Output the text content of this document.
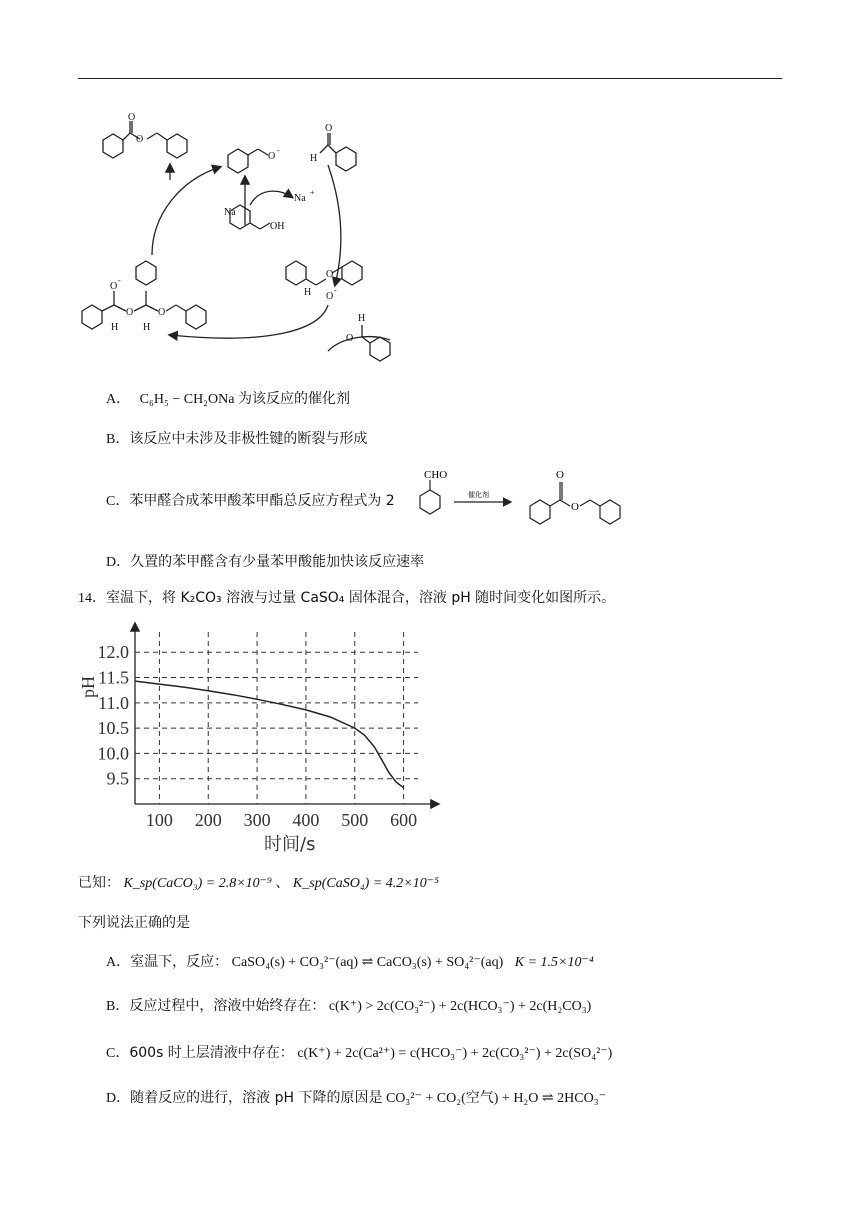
O
O
O
-
H
O
Na
Na
+
OH
H
O
O
-
H
O
O
-
H
O
H
O
A． C₆H₅ − CH₂ONa 为该反应的催化剂
B．该反应中未涉及非极性键的断裂与形成
C．苯甲醛合成苯甲酸苯甲酯总反应方程式为 2
CHO
催化剂
O
O
D．久置的苯甲醛含有少量苯甲酸能加快该反应速率
14．室温下，将 K₂CO₃ 溶液与过量 CaSO₄ 固体混合，溶液 pH 随时间变化如图所示。
12.0
11.5
11.0
10.5
10.0
9.5
100 200 300 400 500 600
pH
时间/s
已知： K_sp(CaCO₃) = 2.8×10⁻⁹ 、 K_sp(CaSO₄) = 4.2×10⁻⁵
下列说法正确的是
A．室温下，反应： CaSO₄(s) + CO₃²⁻(aq) ⇌ CaCO₃(s) + SO₄²⁻(aq) K = 1.5×10⁻⁴
B．反应过程中，溶液中始终存在： c(K⁺) > 2c(CO₃²⁻) + 2c(HCO₃⁻) + 2c(H₂CO₃)
C．600s 时上层清液中存在： c(K⁺) + 2c(Ca²⁺) = c(HCO₃⁻) + 2c(CO₃²⁻) + 2c(SO₄²⁻)
D．随着反应的进行，溶液 pH 下降的原因是 CO₃²⁻ + CO₂(空气) + H₂O ⇌ 2HCO₃⁻
